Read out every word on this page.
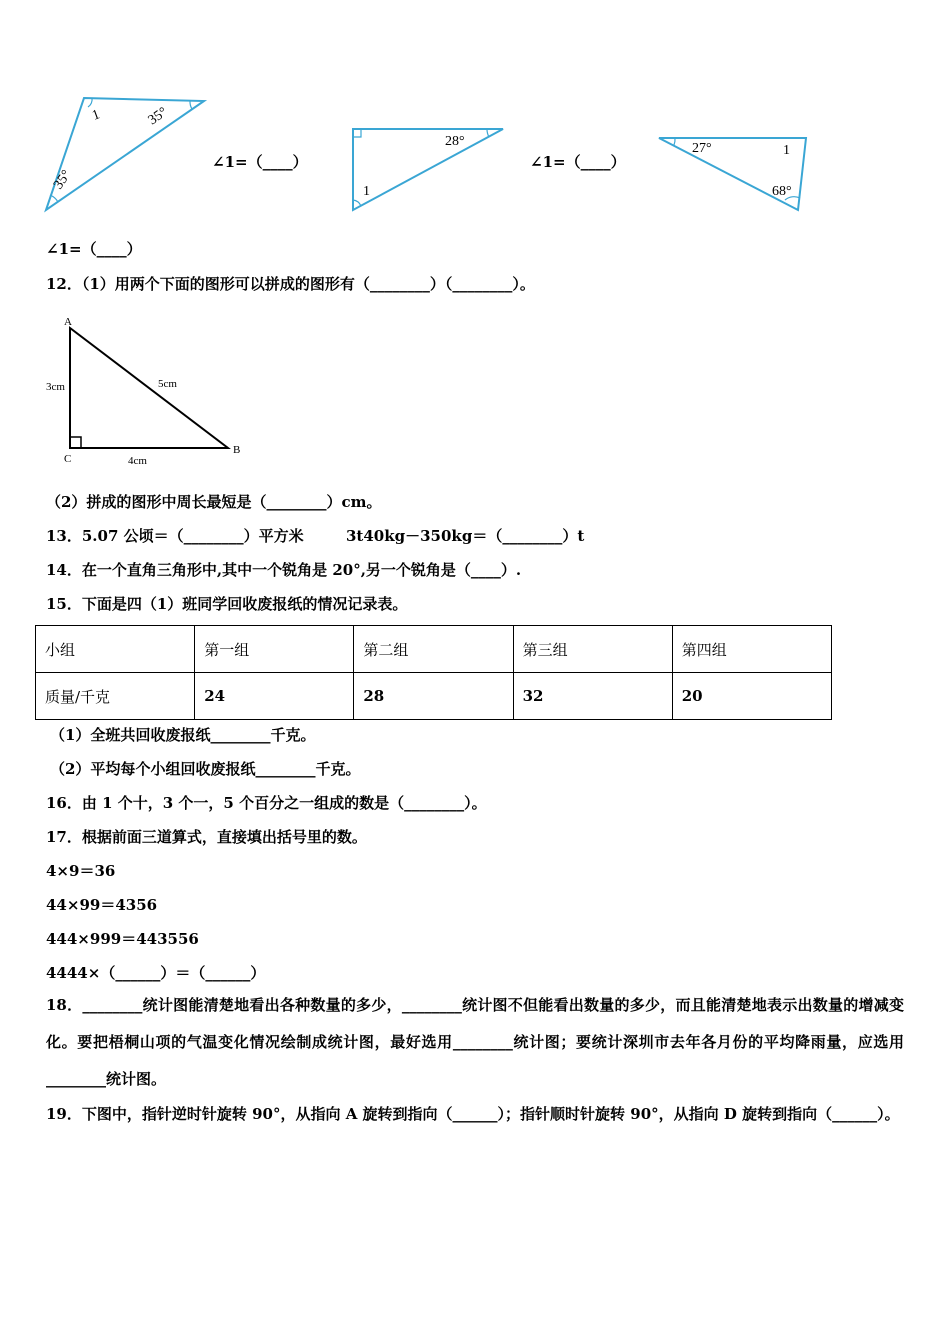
1	35°
35°
∠1=（____）
28°
1
∠1=（____）
27°	1
68°
∠1=（____）
12．（1）用两个下面的图形可以拼成的图形有（________）（________）。
A
C
B
3cm	5cm
4cm
（2）拼成的图形中周长最短是（________）cm。
13．5.07 公顷＝（________）平方米	3t40kg－350kg＝（________）t
14．在一个直角三角形中,其中一个锐角是 20°,另一个锐角是（____）.
15．下面是四（1）班同学回收废报纸的情况记录表。
小组	第一组	第二组	第三组	第四组
质量/千克	24	28	32	20
（1）全班共回收废报纸________千克。
（2）平均每个小组回收废报纸________千克。
16．由 1 个十，3 个一，5 个百分之一组成的数是（________）。
17．根据前面三道算式，直接填出括号里的数。
4×9＝36
44×99＝4356
444×999＝443556
4444×（______）＝（______）
18．________统计图能清楚地看出各种数量的多少，________统计图不但能看出数量的多少，而且能清楚地表示出数量的增减变化。要把梧桐山项的气温变化情况绘制成统计图，最好选用________统计图；要统计深圳市去年各月份的平均降雨量，应选用________统计图。
19．下图中，指针逆时针旋转 90°，从指向 A 旋转到指向（______）；指针顺时针旋转 90°，从指向 D 旋转到指向（______）。
